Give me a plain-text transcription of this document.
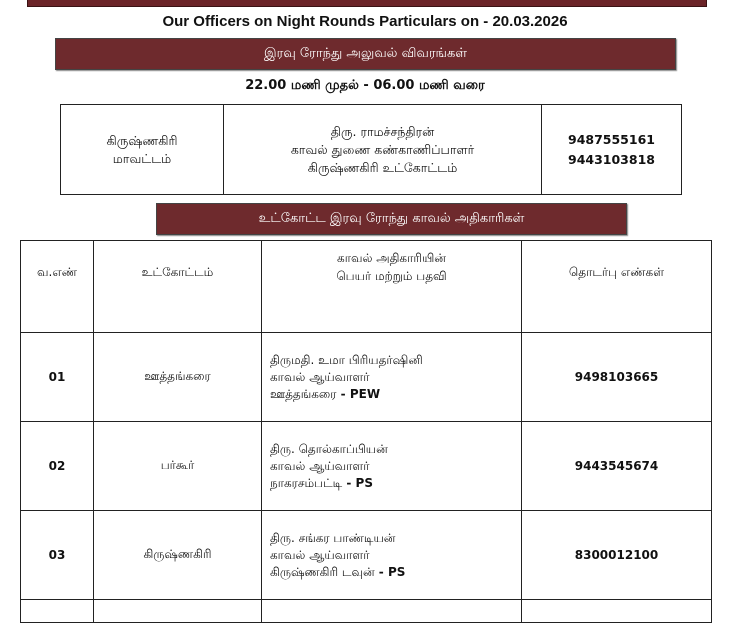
Our Officers on Night Rounds Particulars on - 20.03.2026
இரவு ரோந்து அலுவல் விவரங்கள்
22.00 மணி முதல் - 06.00 மணி வரை
கிருஷ்ணகிரி
மாவட்டம்

திரு. ராமச்சந்திரன்
காவல் துணை கண்காணிப்பாளர்
கிருஷ்ணகிரி உட்கோட்டம்

9487555161
9443103818
உட்கோட்ட இரவு ரோந்து காவல் அதிகாரிகள்
வ.எண்	உட்கோட்டம்	காவல் அதிகாரியின்
பெயர் மற்றும் பதவி	தொடர்பு எண்கள்
01	ஊத்தங்கரை	திருமதி. உமா பிரியதர்ஷினி
காவல் ஆய்வாளர்
ஊத்தங்கரை - PEW	9498103665
02	பர்கூர்	திரு. தொல்காப்பியன்
காவல் ஆய்வாளர்
நாகரசம்பட்டி - PS	9443545674
03	கிருஷ்ணகிரி	திரு. சங்கர பாண்டியன்
காவல் ஆய்வாளர்
கிருஷ்ணகிரி டவுன் - PS	8300012100
